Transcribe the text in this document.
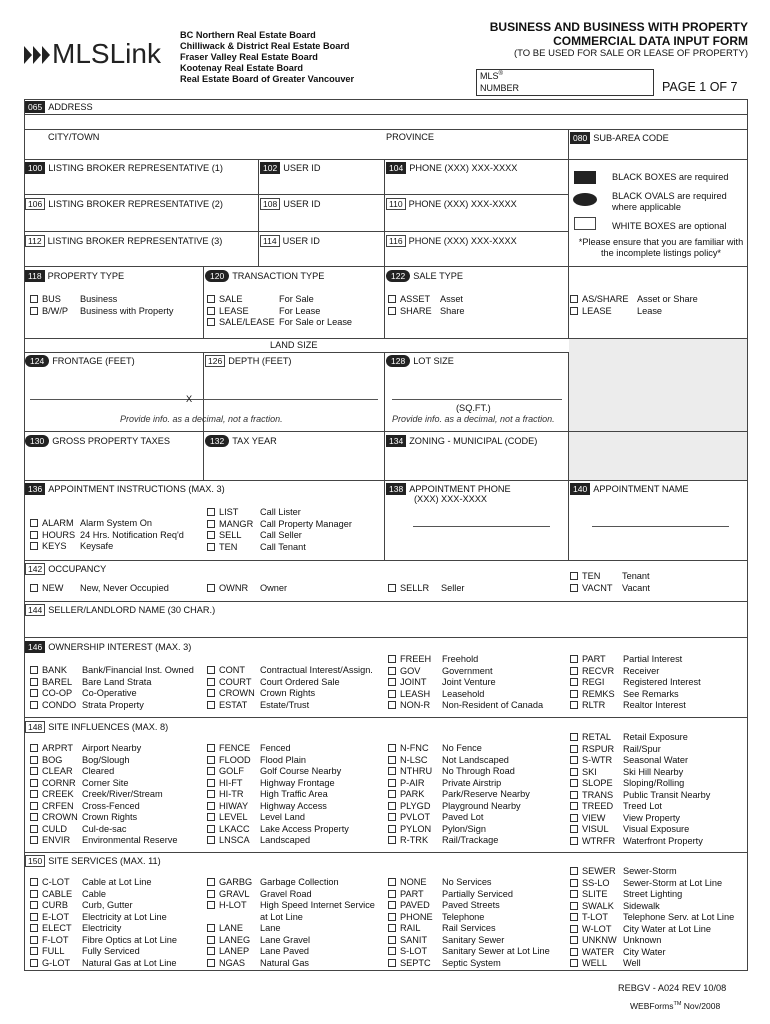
MLSLink
BC Northern Real Estate Board
Chilliwack & District Real Estate Board
Fraser Valley Real Estate Board
Kootenay Real Estate Board
Real Estate Board of Greater Vancouver
BUSINESS AND BUSINESS WITH PROPERTY
COMMERCIAL DATA INPUT FORM
(TO BE USED FOR SALE OR LEASE OF PROPERTY)
MLS®
NUMBER	PAGE 1 OF 7
065 ADDRESS
CITY/TOWN	PROVINCE	080 SUB-AREA CODE
100 LISTING BROKER REPRESENTATIVE (1)	102 USER ID	104 PHONE (XXX) XXX-XXXX
106 LISTING BROKER REPRESENTATIVE (2)	108 USER ID	110 PHONE (XXX) XXX-XXXX
112 LISTING BROKER REPRESENTATIVE (3)	114 USER ID	116 PHONE (XXX) XXX-XXXX
BLACK BOXES are required
BLACK OVALS are required where applicable
WHITE BOXES are optional
*Please ensure that you are familiar with the incomplete listings policy*
118 PROPERTY TYPE	120 TRANSACTION TYPE	122 SALE TYPE
BUS Business
B/W/P Business with Property
SALE	For Sale
LEASE	For Lease
SALE/LEASE For Sale or Lease
ASSET Asset
SHARE Share
AS/SHARE Asset or Share
LEASE	Lease
LAND SIZE
124 FRONTAGE (FEET)	126 DEPTH (FEET)	128 LOT SIZE
X
(SQ.FT.)
Provide info. as a decimal, not a fraction.	Provide info. as a decimal, not a fraction.
130 GROSS PROPERTY TAXES	132 TAX YEAR	134 ZONING - MUNICIPAL (CODE)
136 APPOINTMENT INSTRUCTIONS (MAX. 3)	138 APPOINTMENT PHONE
(XXX) XXX-XXXX
140 APPOINTMENT NAME
ALARM Alarm System On
HOURS 24 Hrs. Notification Req'd
KEYS Keysafe
LIST Call Lister
MANGR Call Property Manager
SELL Call Seller
TEN Call Tenant
142 OCCUPANCY
NEW New, Never Occupied	OWNR Owner	SELLR Seller
TEN Tenant
VACNT Vacant
144 SELLER/LANDLORD NAME (30 CHAR.)
146 OWNERSHIP INTEREST (MAX. 3)
BANK Bank/Financial Inst. Owned
BAREL Bare Land Strata
CO-OP Co-Operative
CONDO Strata Property
CONT Contractual Interest/Assign.
COURT Court Ordered Sale
CROWN Crown Rights
ESTAT Estate/Trust
FREEH Freehold
GOV Government
JOINT Joint Venture
LEASH Leasehold
NON-R Non-Resident of Canada
PART Partial Interest
RECVR Receiver
REGI Registered Interest
REMKS See Remarks
RLTR Realtor Interest
148 SITE INFLUENCES (MAX. 8)
ARPRT Airport Nearby
BOG Bog/Slough
CLEAR Cleared
CORNR Corner Site
CREEK Creek/River/Stream
CRFEN Cross-Fenced
CROWN Crown Rights
CULD Cul-de-sac
ENVIR Environmental Reserve
FENCE Fenced
FLOOD Flood Plain
GOLF Golf Course Nearby
HI-FT Highway Frontage
HI-TR High Traffic Area
HIWAY Highway Access
LEVEL Level Land
LKACC Lake Access Property
LNSCA Landscaped
N-FNC No Fence
N-LSC Not Landscaped
NTHRU No Through Road
P-AIR Private Airstrip
PARK Park/Reserve Nearby
PLYGD Playground Nearby
PVLOT Paved Lot
PYLON Pylon/Sign
R-TRK Rail/Trackage
RETAL Retail Exposure
RSPUR Rail/Spur
S-WTR Seasonal Water
SKI	Ski Hill Nearby
SLOPE Sloping/Rolling
TRANS Public Transit Nearby
TREED Treed Lot
VIEW View Property
VISUL Visual Exposure
WTRFR Waterfront Property
150 SITE SERVICES (MAX. 11)
C-LOT Cable at Lot Line
CABLE Cable
CURB Curb, Gutter
E-LOT Electricity at Lot Line
ELECT Electricity
F-LOT Fibre Optics at Lot Line
FULL Fully Serviced
G-LOT Natural Gas at Lot Line
GARBG Garbage Collection
GRAVL Gravel Road
H-LOT High Speed Internet Service
at Lot Line
LANE Lane
LANEG Lane Gravel
LANEP Lane Paved
NGAS Natural Gas
NONE No Services
PART Partially Serviced
PAVED Paved Streets
PHONE Telephone
RAIL Rail Services
SANIT Sanitary Sewer
S-LOT Sanitary Sewer at Lot Line
SEPTC Septic System
SEWER Sewer-Storm
SS-LO Sewer-Storm at Lot Line
SLITE Street Lighting
SWALK Sidewalk
T-LOT Telephone Serv. at Lot Line
W-LOT City Water at Lot Line
UNKNW Unknown
WATER City Water
WELL Well
REBGV - A024 REV 10/08
WEBForms™ Nov/2008
